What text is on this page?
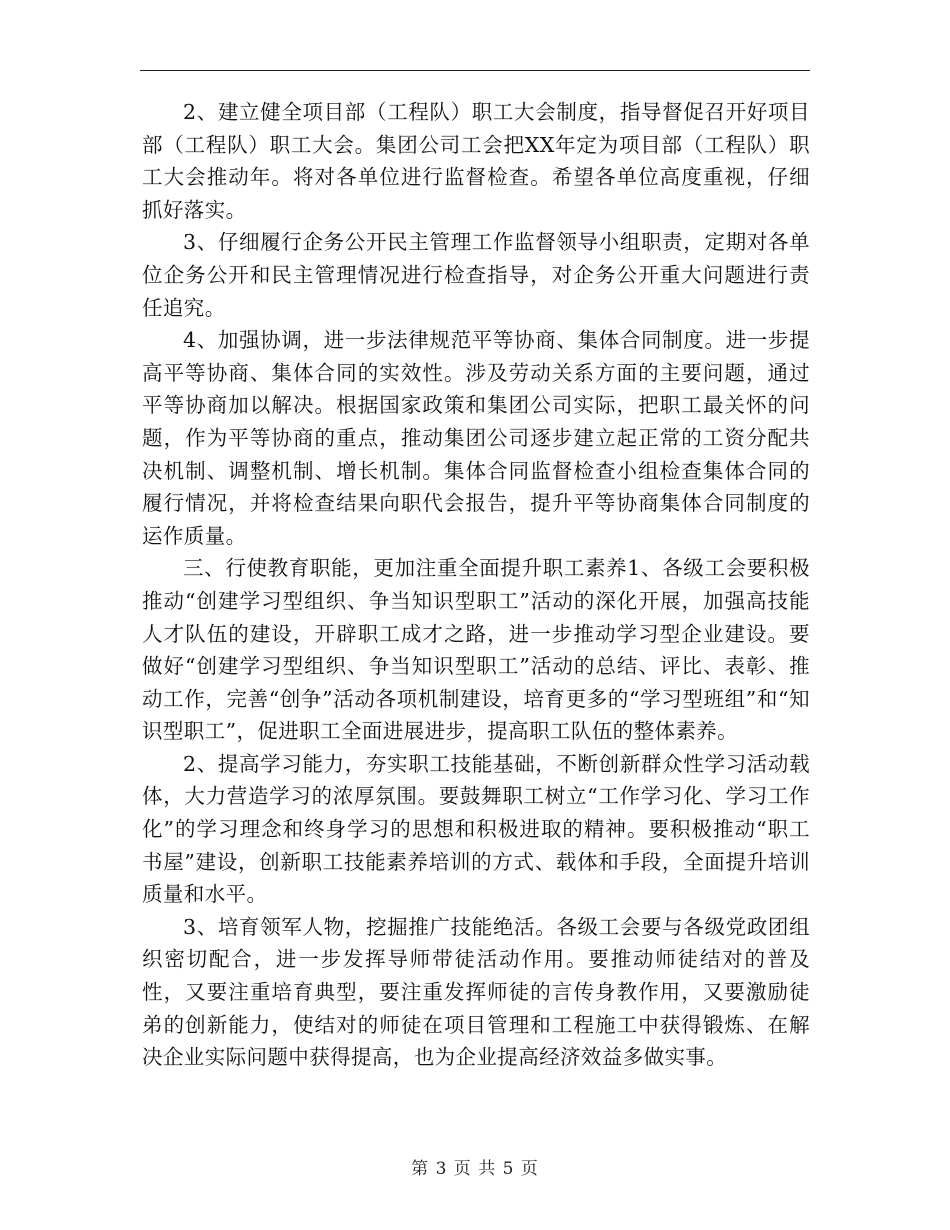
2、建立健全项目部（工程队）职工大会制度，指导督促召开好项目部（工程队）职工大会。集团公司工会把XX年定为项目部（工程队）职工大会推动年。将对各单位进行监督检查。希望各单位高度重视，仔细抓好落实。

3、仔细履行企务公开民主管理工作监督领导小组职责，定期对各单位企务公开和民主管理情况进行检查指导，对企务公开重大问题进行责任追究。

4、加强协调，进一步法律规范平等协商、集体合同制度。进一步提高平等协商、集体合同的实效性。涉及劳动关系方面的主要问题，通过平等协商加以解决。根据国家政策和集团公司实际，把职工最关怀的问题，作为平等协商的重点，推动集团公司逐步建立起正常的工资分配共决机制、调整机制、增长机制。集体合同监督检查小组检查集体合同的履行情况，并将检查结果向职代会报告，提升平等协商集体合同制度的运作质量。

三、行使教育职能，更加注重全面提升职工素养1、各级工会要积极推动“创建学习型组织、争当知识型职工”活动的深化开展，加强高技能人才队伍的建设，开辟职工成才之路，进一步推动学习型企业建设。要做好“创建学习型组织、争当知识型职工”活动的总结、评比、表彰、推动工作，完善“创争”活动各项机制建设，培育更多的“学习型班组”和“知识型职工”，促进职工全面进展进步，提高职工队伍的整体素养。

2、提高学习能力，夯实职工技能基础，不断创新群众性学习活动载体，大力营造学习的浓厚氛围。要鼓舞职工树立“工作学习化、学习工作化”的学习理念和终身学习的思想和积极进取的精神。要积极推动“职工书屋”建设，创新职工技能素养培训的方式、载体和手段，全面提升培训质量和水平。

3、培育领军人物，挖掘推广技能绝活。各级工会要与各级党政团组织密切配合，进一步发挥导师带徒活动作用。要推动师徒结对的普及性，又要注重培育典型，要注重发挥师徒的言传身教作用，又要激励徒弟的创新能力，使结对的师徒在项目管理和工程施工中获得锻炼、在解决企业实际问题中获得提高，也为企业提高经济效益多做实事。

第 3 页 共 5 页
